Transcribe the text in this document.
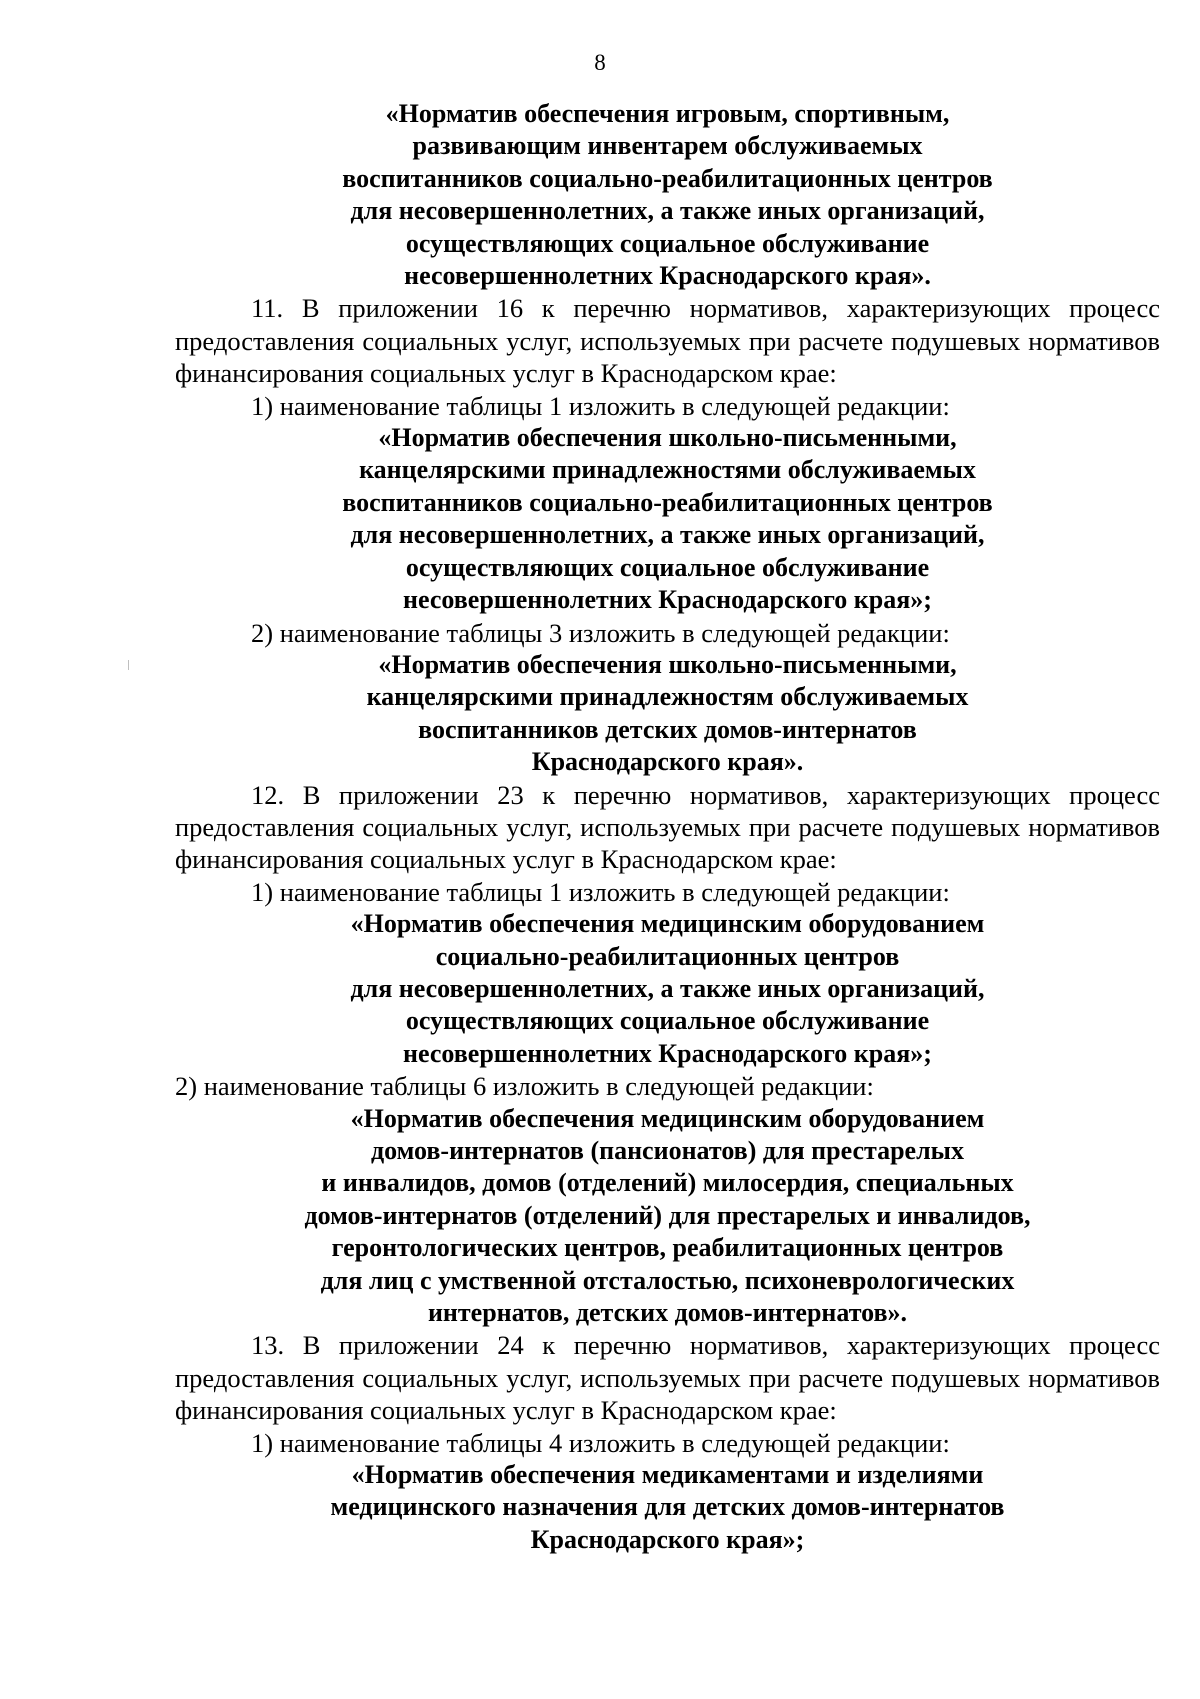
8
«Норматив обеспечения игровым, спортивным,
развивающим инвентарем обслуживаемых
воспитанников социально-реабилитационных центров
для несовершеннолетних, а также иных организаций,
осуществляющих социальное обслуживание
несовершеннолетних Краснодарского края».

11. В приложении 16 к перечню нормативов, характеризующих процесс предоставления социальных услуг, используемых при расчете подушевых нормативов финансирования социальных услуг в Краснодарском крае:

1) наименование таблицы 1 изложить в следующей редакции:

«Норматив обеспечения школьно-письменными,
канцелярскими принадлежностями обслуживаемых
воспитанников социально-реабилитационных центров
для несовершеннолетних, а также иных организаций,
осуществляющих социальное обслуживание
несовершеннолетних Краснодарского края»;

2) наименование таблицы 3 изложить в следующей редакции:

«Норматив обеспечения школьно-письменными,
канцелярскими принадлежностям обслуживаемых
воспитанников детских домов-интернатов
Краснодарского края».

12. В приложении 23 к перечню нормативов, характеризующих процесс предоставления социальных услуг, используемых при расчете подушевых нормативов финансирования социальных услуг в Краснодарском крае:

1) наименование таблицы 1 изложить в следующей редакции:

«Норматив обеспечения медицинским оборудованием
социально-реабилитационных центров
для несовершеннолетних, а также иных организаций,
осуществляющих социальное обслуживание
несовершеннолетних Краснодарского края»;

2) наименование таблицы 6 изложить в следующей редакции:

«Норматив обеспечения медицинским оборудованием
домов-интернатов (пансионатов) для престарелых
и инвалидов, домов (отделений) милосердия, специальных
домов-интернатов (отделений) для престарелых и инвалидов,
геронтологических центров, реабилитационных центров
для лиц с умственной отсталостью, психоневрологических
интернатов, детских домов-интернатов».

13. В приложении 24 к перечню нормативов, характеризующих процесс предоставления социальных услуг, используемых при расчете подушевых нормативов финансирования социальных услуг в Краснодарском крае:

1) наименование таблицы 4 изложить в следующей редакции:

«Норматив обеспечения медикаментами и изделиями
медицинского назначения для детских домов-интернатов
Краснодарского края»;
